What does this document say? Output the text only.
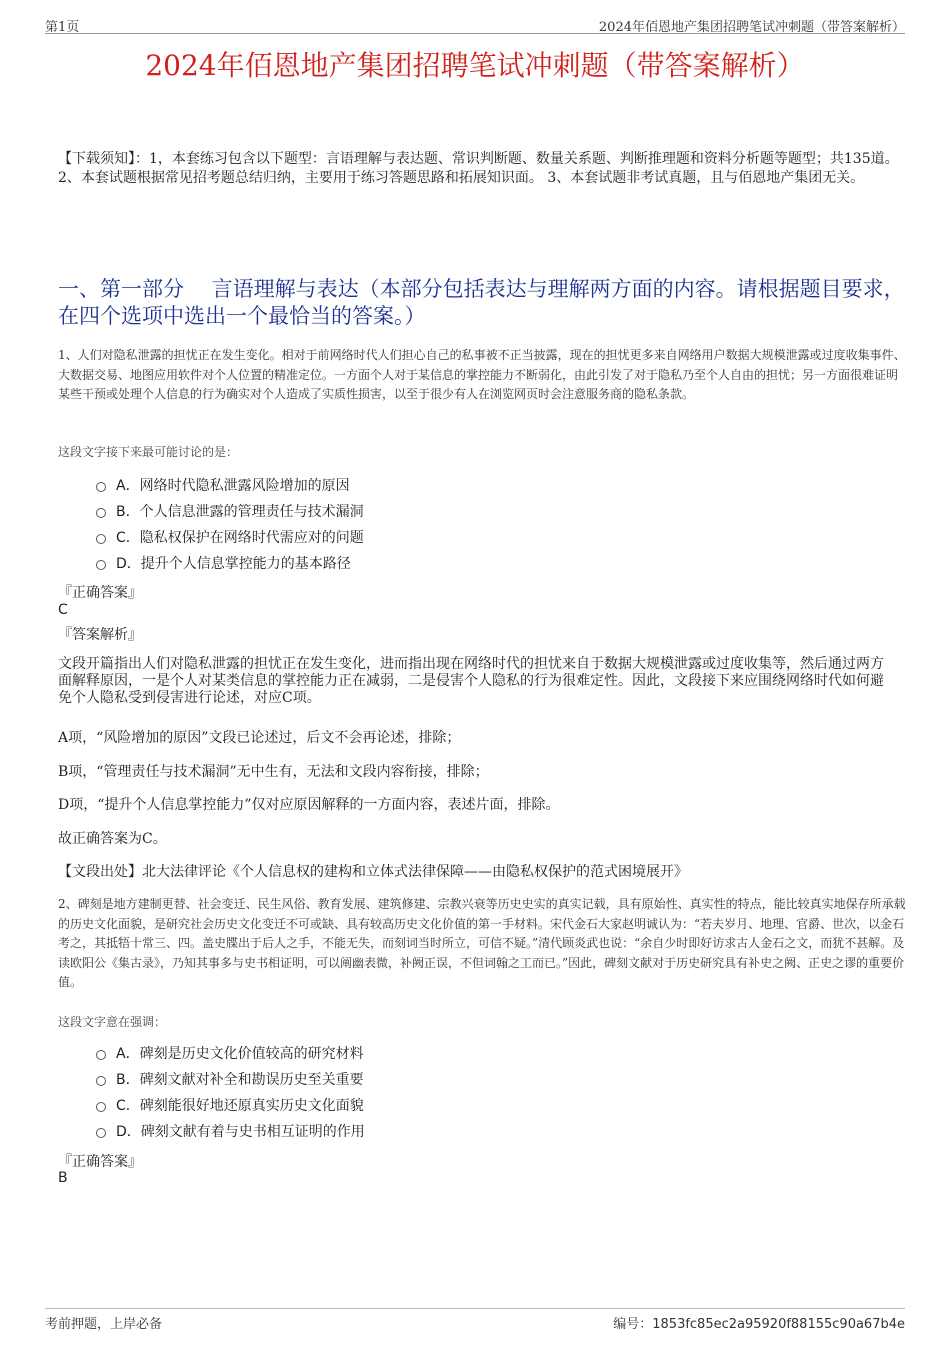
第1页	2024年佰恩地产集团招聘笔试冲刺题（带答案解析）
2024年佰恩地产集团招聘笔试冲刺题（带答案解析）
【下载须知】：1，本套练习包含以下题型：言语理解与表达题、常识判断题、数量关系题、判断推理题和资料分析题等题型；共135道。 2、本套试题根据常见招考题总结归纳，主要用于练习答题思路和拓展知识面。 3、本套试题非考试真题，且与佰恩地产集团无关。
一、第一部分　 言语理解与表达（本部分包括表达与理解两方面的内容。请根据题目要求，在四个选项中选出一个最恰当的答案。）
1、人们对隐私泄露的担忧正在发生变化。相对于前网络时代人们担心自己的私事被不正当披露，现在的担忧更多来自网络用户数据大规模泄露或过度收集事件、大数据交易、地图应用软件对个人位置的精准定位。一方面个人对于某信息的掌控能力不断弱化，由此引发了对于隐私乃至个人自由的担忧；另一方面很难证明某些干预或处理个人信息的行为确实对个人造成了实质性损害，以至于很少有人在浏览网页时会注意服务商的隐私条款。
这段文字接下来最可能讨论的是：
A．网络时代隐私泄露风险增加的原因
B．个人信息泄露的管理责任与技术漏洞
C．隐私权保护在网络时代需应对的问题
D．提升个人信息掌控能力的基本路径
『正确答案』
C
『答案解析』
文段开篇指出人们对隐私泄露的担忧正在发生变化，进而指出现在网络时代的担忧来自于数据大规模泄露或过度收集等，然后通过两方面解释原因，一是个人对某类信息的掌控能力正在减弱，二是侵害个人隐私的行为很难定性。因此，文段接下来应围绕网络时代如何避免个人隐私受到侵害进行论述，对应C项。
A项，“风险增加的原因”文段已论述过，后文不会再论述，排除；
B项，“管理责任与技术漏洞”无中生有，无法和文段内容衔接，排除；
D项，“提升个人信息掌控能力”仅对应原因解释的一方面内容，表述片面，排除。
故正确答案为C。
【文段出处】北大法律评论《个人信息权的建构和立体式法律保障——由隐私权保护的范式困境展开》
2、碑刻是地方建制更替、社会变迁、民生风俗、教育发展、建筑修建、宗教兴衰等历史史实的真实记载，具有原始性、真实性的特点，能比较真实地保存所承载的历史文化面貌，是研究社会历史文化变迁不可或缺、具有较高历史文化价值的第一手材料。宋代金石大家赵明诚认为：“若夫岁月、地理、官爵、世次，以金石考之，其抵牾十常三、四。盖史牒出于后人之手，不能无失，而刻词当时所立，可信不疑。”清代顾炎武也说：“余自少时即好访求古人金石之文，而犹不甚解。及读欧阳公《集古录》，乃知其事多与史书相证明，可以阐幽表微，补阙正误，不但词翰之工而已。”因此，碑刻文献对于历史研究具有补史之阙、正史之谬的重要价值。
这段文字意在强调：
A．碑刻是历史文化价值较高的研究材料
B．碑刻文献对补全和勘误历史至关重要
C．碑刻能很好地还原真实历史文化面貌
D．碑刻文献有着与史书相互证明的作用
『正确答案』
B
考前押题，上岸必备	编号：1853fc85ec2a95920f88155c90a67b4e
